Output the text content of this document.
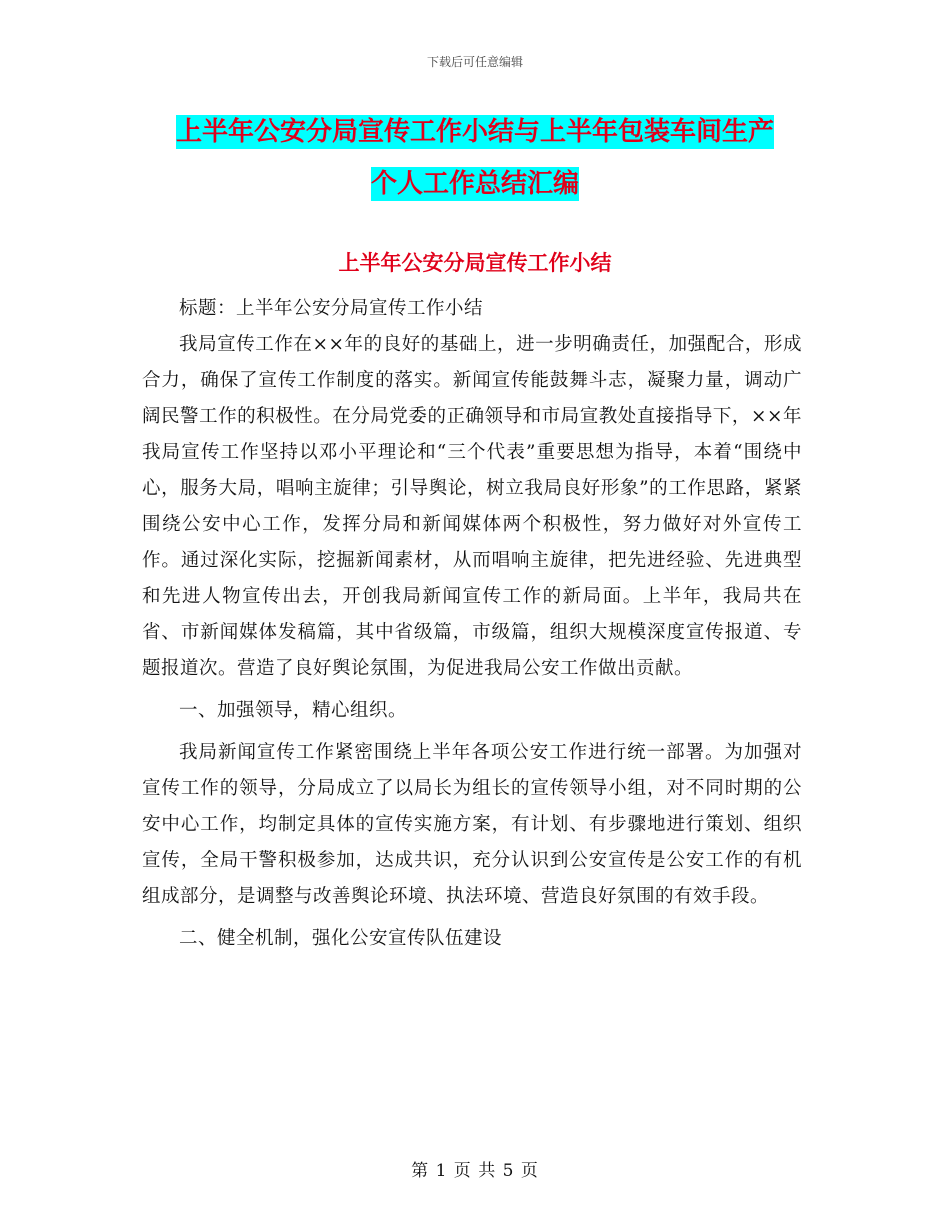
下载后可任意编辑
上半年公安分局宣传工作小结与上半年包装车间生产
个人工作总结汇编
上半年公安分局宣传工作小结

标题：上半年公安分局宣传工作小结

我局宣传工作在××年的良好的基础上，进一步明确责任，加强配合，形成合力，确保了宣传工作制度的落实。新闻宣传能鼓舞斗志，凝聚力量，调动广阔民警工作的积极性。在分局党委的正确领导和市局宣教处直接指导下，××年我局宣传工作坚持以邓小平理论和“三个代表”重要思想为指导，本着“围绕中心，服务大局，唱响主旋律；引导舆论，树立我局良好形象”的工作思路，紧紧围绕公安中心工作，发挥分局和新闻媒体两个积极性，努力做好对外宣传工作。通过深化实际，挖掘新闻素材，从而唱响主旋律，把先进经验、先进典型和先进人物宣传出去，开创我局新闻宣传工作的新局面。上半年，我局共在省、市新闻媒体发稿篇，其中省级篇，市级篇，组织大规模深度宣传报道、专题报道次。营造了良好舆论氛围，为促进我局公安工作做出贡献。

一、加强领导，精心组织。

我局新闻宣传工作紧密围绕上半年各项公安工作进行统一部署。为加强对宣传工作的领导，分局成立了以局长为组长的宣传领导小组，对不同时期的公安中心工作，均制定具体的宣传实施方案，有计划、有步骤地进行策划、组织宣传，全局干警积极参加，达成共识，充分认识到公安宣传是公安工作的有机组成部分，是调整与改善舆论环境、执法环境、营造良好氛围的有效手段。

二、健全机制，强化公安宣传队伍建设

第 1 页 共 5 页
